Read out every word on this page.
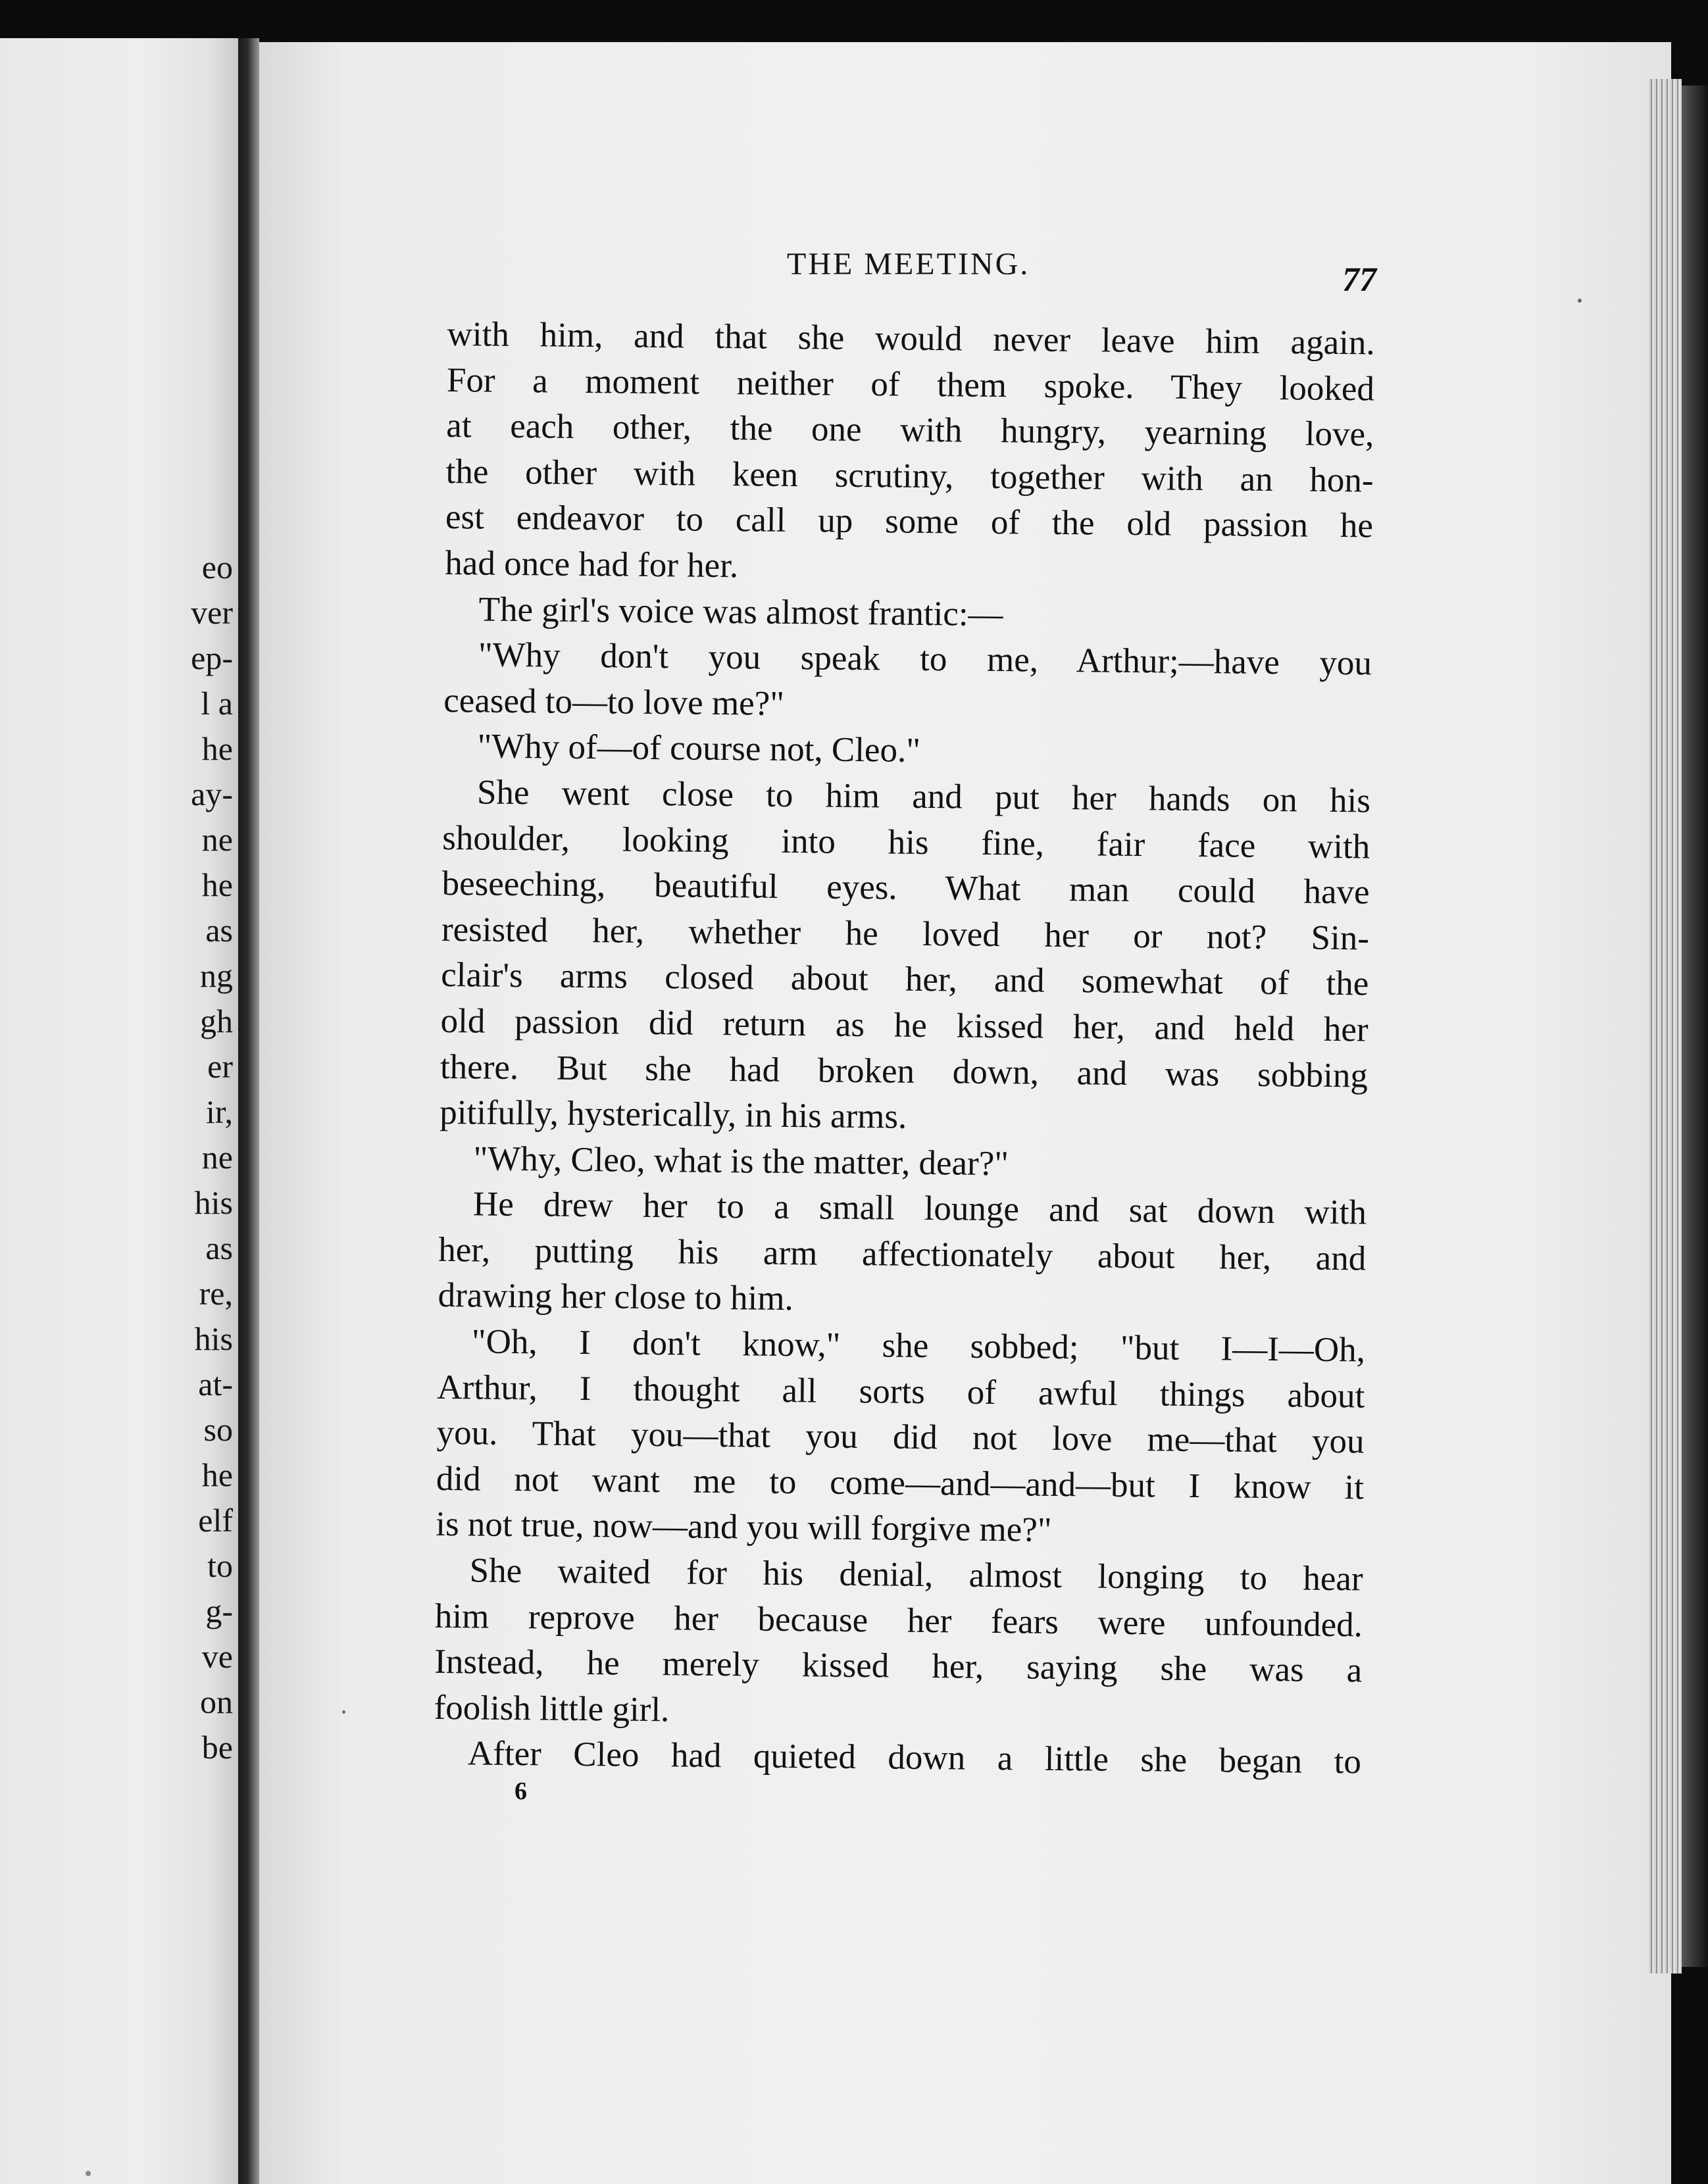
eo
ver
ep-
l a
he
ay-
ne
he
as
ng
gh
er
ir,
ne
his
as
re,
his
at-
so
he
elf
to
g-
ve
on
be
THE MEETING.	77
with him, and that she would never leave him again.
For a moment neither of them spoke. They looked
at each other, the one with hungry, yearning love,
the other with keen scrutiny, together with an hon-
est endeavor to call up some of the old passion he
had once had for her.
The girl's voice was almost frantic:—
"Why don't you speak to me, Arthur;—have you
ceased to—to love me?"
"Why of—of course not, Cleo."
She went close to him and put her hands on his
shoulder, looking into his fine, fair face with
beseeching, beautiful eyes. What man could have
resisted her, whether he loved her or not? Sin-
clair's arms closed about her, and somewhat of the
old passion did return as he kissed her, and held her
there. But she had broken down, and was sobbing
pitifully, hysterically, in his arms.
"Why, Cleo, what is the matter, dear?"
He drew her to a small lounge and sat down with
her, putting his arm affectionately about her, and
drawing her close to him.
"Oh, I don't know," she sobbed; "but I—I—Oh,
Arthur, I thought all sorts of awful things about
you. That you—that you did not love me—that you
did not want me to come—and—and—but I know it
is not true, now—and you will forgive me?"
She waited for his denial, almost longing to hear
him reprove her because her fears were unfounded.
Instead, he merely kissed her, saying she was a
foolish little girl.
After Cleo had quieted down a little she began to
6
